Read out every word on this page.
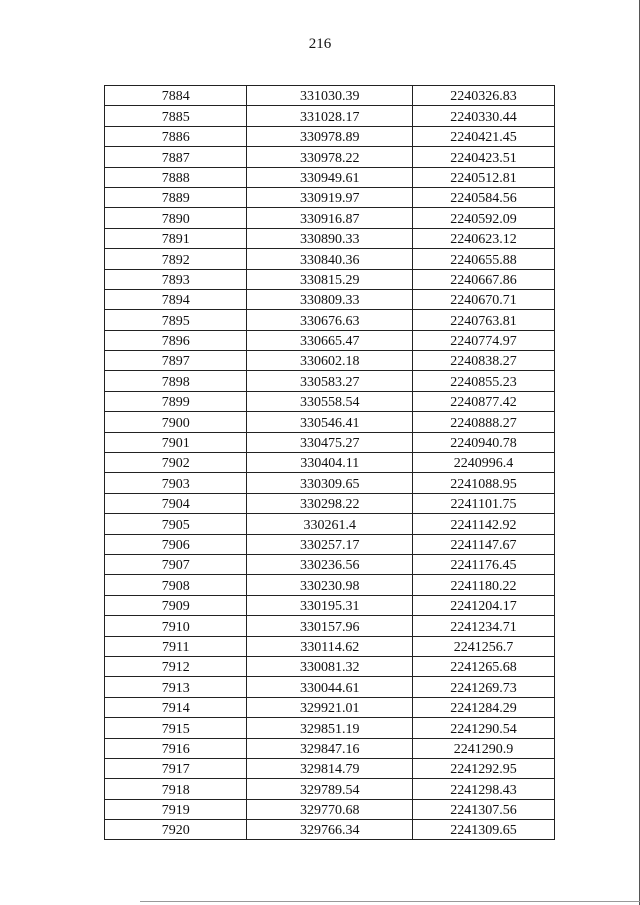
216
7884	331030.39	2240326.83
7885	331028.17	2240330.44
7886	330978.89	2240421.45
7887	330978.22	2240423.51
7888	330949.61	2240512.81
7889	330919.97	2240584.56
7890	330916.87	2240592.09
7891	330890.33	2240623.12
7892	330840.36	2240655.88
7893	330815.29	2240667.86
7894	330809.33	2240670.71
7895	330676.63	2240763.81
7896	330665.47	2240774.97
7897	330602.18	2240838.27
7898	330583.27	2240855.23
7899	330558.54	2240877.42
7900	330546.41	2240888.27
7901	330475.27	2240940.78
7902	330404.11	2240996.4
7903	330309.65	2241088.95
7904	330298.22	2241101.75
7905	330261.4	2241142.92
7906	330257.17	2241147.67
7907	330236.56	2241176.45
7908	330230.98	2241180.22
7909	330195.31	2241204.17
7910	330157.96	2241234.71
7911	330114.62	2241256.7
7912	330081.32	2241265.68
7913	330044.61	2241269.73
7914	329921.01	2241284.29
7915	329851.19	2241290.54
7916	329847.16	2241290.9
7917	329814.79	2241292.95
7918	329789.54	2241298.43
7919	329770.68	2241307.56
7920	329766.34	2241309.65
